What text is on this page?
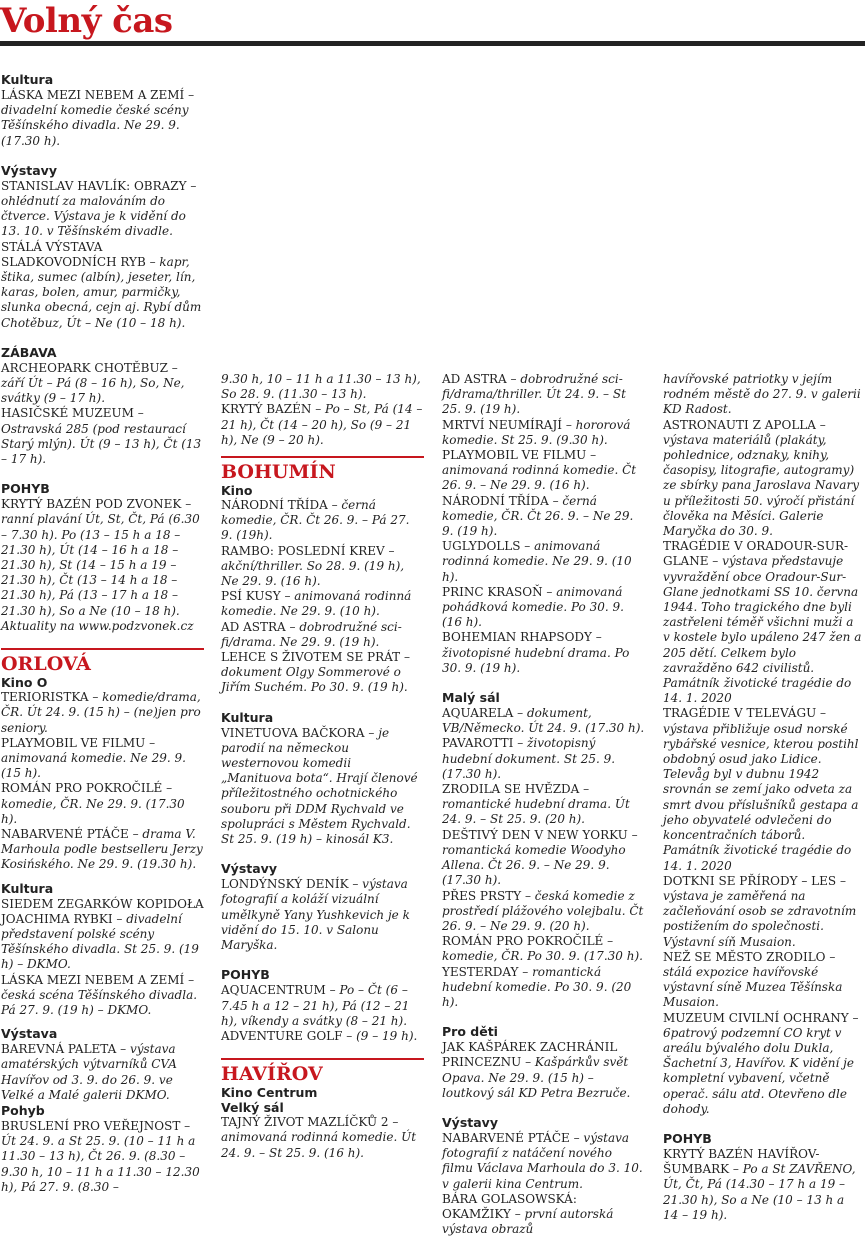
Volný čas

Kultura

LÁSKA MEZI NEBEM A ZEMÍ – divadelní komedie české scény Těšínského divadla. Ne 29. 9. (17.30 h).

Výstavy

STANISLAV HAVLÍK: OBRAZY – ohlédnutí za malováním do čtverce. Výstava je k vidění do 13. 10. v Těšínském divadle.

STÁLÁ VÝSTAVA SLADKOVODNÍCH RYB – kapr, štika, sumec (albín), jeseter, lín, karas, bolen, amur, parmičky, slunka obecná, cejn aj. Rybí dům Chotěbuz, Út – Ne (10 – 18 h).

ZÁBAVA

ARCHEOPARK CHOTĚBUZ – září Út – Pá (8 – 16 h), So, Ne, svátky (9 – 17 h).

HASIČSKÉ MUZEUM – Ostravská 285 (pod restaurací Starý mlýn). Út (9 – 13 h), Čt (13 – 17 h).

POHYB

KRYTÝ BAZÉN POD ZVONEK – ranní plavání Út, St, Čt, Pá (6.30 – 7.30 h). Po (13 – 15 h a 18 – 21.30 h), Út (14 – 16 h a 18 – 21.30 h), St (14 – 15 h a 19 – 21.30 h), Čt (13 – 14 h a 18 – 21.30 h), Pá (13 – 17 h a 18 – 21.30 h), So a Ne (10 – 18 h). Aktuality na www.podzvonek.cz

ORLOVÁ

Kino O

TERIORISTKA – komedie/drama, ČR. Út 24. 9. (15 h) – (ne)jen pro seniory.

PLAYMOBIL VE FILMU – animovaná komedie. Ne 29. 9. (15 h).

ROMÁN PRO POKROČILÉ – komedie, ČR. Ne 29. 9. (17.30 h).

NABARVENÉ PTÁČE – drama V. Marhoula podle bestselleru Jerzy Kosińského. Ne 29. 9. (19.30 h).

Kultura

SIEDEM ZEGARKÓW KOPIDOŁA JOACHIMA RYBKI – divadelní představení polské scény Těšínského divadla. St 25. 9. (19 h) – DKMO.

LÁSKA MEZI NEBEM A ZEMÍ – česká scéna Těšínského divadla. Pá 27. 9. (19 h) – DKMO.

Výstava

BAREVNÁ PALETA – výstava amatérských výtvarníků CVA Havířov od 3. 9. do 26. 9. ve Velké a Malé galerii DKMO.

Pohyb

BRUSLENÍ PRO VEŘEJNOST –Út 24. 9. a St 25. 9. (10 – 11 h a 11.30 – 13 h), Čt 26. 9. (8.30 – 9.30 h, 10 – 11 h a 11.30 – 12.30 h), Pá 27. 9. (8.30 –

9.30 h, 10 – 11 h a 11.30 – 13 h), So 28. 9. (11.30 – 13 h).

KRYTÝ BAZÉN – Po – St, Pá (14 – 21 h), Čt (14 – 20 h), So (9 – 21 h), Ne (9 – 20 h).

BOHUMÍN

Kino

NÁRODNÍ TŘÍDA – černá komedie, ČR. Čt 26. 9. – Pá 27. 9. (19h).

RAMBO: POSLEDNÍ KREV – akční/thriller. So 28. 9. (19 h), Ne 29. 9. (16 h).

PSÍ KUSY – animovaná rodinná komedie. Ne 29. 9. (10 h).

AD ASTRA – dobrodružné sci-fi/drama. Ne 29. 9. (19 h).

LEHCE S ŽIVOTEM SE PRÁT – dokument Olgy Sommerové o Jiřím Suchém. Po 30. 9. (19 h).

Kultura

VINETUOVA BAČKORA – je parodií na německou westernovou komedii „Manituova bota“. Hrají členové příležitostného ochotnického souboru při DDM Rychvald ve spolupráci s Městem Rychvald. St 25. 9. (19 h) – kinosál K3.

Výstavy

LONDÝNSKÝ DENÍK – výstava fotografií a koláží vizuální umělkyně Yany Yushkevich je k vidění do 15. 10. v Salonu Maryška.

POHYB

AQUACENTRUM – Po – Čt (6 – 7.45 h a 12 – 21 h), Pá (12 – 21 h), víkendy a svátky (8 – 21 h).

ADVENTURE GOLF – (9 – 19 h).

HAVÍŘOV

Kino Centrum

Velký sál

TAJNÝ ŽIVOT MAZLÍČKŮ 2 – animovaná rodinná komedie. Út 24. 9. – St 25. 9. (16 h).

AD ASTRA – dobrodružné sci-fi/drama/thriller. Út 24. 9. – St 25. 9. (19 h).

MRTVÍ NEUMÍRAJÍ – hororová komedie. St 25. 9. (9.30 h).

PLAYMOBIL VE FILMU – animovaná rodinná komedie. Čt 26. 9. – Ne 29. 9. (16 h).

NÁRODNÍ TŘÍDA – černá komedie, ČR. Čt 26. 9. – Ne 29. 9. (19 h).

UGLYDOLLS – animovaná rodinná komedie. Ne 29. 9. (10 h).

PRINC KRASOŇ – animovaná pohádková komedie. Po 30. 9. (16 h).

BOHEMIAN RHAPSODY – životopisné hudební drama. Po 30. 9. (19 h).

Malý sál

AQUARELA – dokument, VB/Německo. Út 24. 9. (17.30 h).

PAVAROTTI – životopisný hudební dokument. St 25. 9. (17.30 h).

ZRODILA SE HVĚZDA – romantické hudební drama. Út 24. 9. – St 25. 9. (20 h).

DEŠTIVÝ DEN V NEW YORKU – romantická komedie Woodyho Allena. Čt 26. 9. – Ne 29. 9. (17.30 h).

PŘES PRSTY – česká komedie z prostředí plážového volejbalu. Čt 26. 9. – Ne 29. 9. (20 h).

ROMÁN PRO POKROČILÉ – komedie, ČR. Po 30. 9. (17.30 h).

YESTERDAY – romantická hudební komedie. Po 30. 9. (20 h).

Pro děti

JAK KAŠPÁREK ZACHRÁNIL PRINCEZNU – Kašpárkův svět Opava. Ne 29. 9. (15 h) – loutkový sál KD Petra Bezruče.

Výstavy

NABARVENÉ PTÁČE – výstava fotografií z natáčení nového filmu Václava Marhoula do 3. 10. v galerii kina Centrum.

BÁRA GOLASOWSKÁ: OKAMŽIKY – první autorská výstava obrazů

havířovské patriotky v jejím rodném městě do 27. 9. v galerii KD Radost.

ASTRONAUTI Z APOLLA – výstava materiálů (plakáty, pohlednice, odznaky, knihy, časopisy, litografie, autogramy) ze sbírky pana Jaroslava Navary u příležitosti 50. výročí přistání člověka na Měsíci. Galerie Maryčka do 30. 9.

TRAGÉDIE V ORADOUR-SUR-GLANE – výstava představuje vyvraždění obce Oradour-Sur-Glane jednotkami SS 10. června 1944. Toho tragického dne byli zastřeleni téměř všichni muži a v kostele bylo upáleno 247 žen a 205 dětí. Celkem bylo zavražděno 642 civilistů. Památník životické tragédie do 14. 1. 2020

TRAGÉDIE V TELEVÁGU – výstava přibližuje osud norské rybářské vesnice, kterou postihl obdobný osud jako Lidice. Televåg byl v dubnu 1942 srovnán se zemí jako odveta za smrt dvou příslušníků gestapa a jeho obyvatelé odvlečeni do koncentračních táborů. Památník životické tragédie do 14. 1. 2020

DOTKNI SE PŘÍRODY – LES – výstava je zaměřená na začleňování osob se zdravotním postižením do společnosti. Výstavní síň Musaion.

NEŽ SE MĚSTO ZRODILO – stálá expozice havířovské výstavní síně Muzea Těšínska Musaion.

MUZEUM CIVILNÍ OCHRANY – 6patrový podzemní CO kryt v areálu bývalého dolu Dukla, Šachetní 3, Havířov. K vidění je kompletní vybavení, včetně operač. sálu atd. Otevřeno dle dohody.

POHYB

KRYTÝ BAZÉN HAVÍŘOV-ŠUMBARK – Po a St ZAVŘENO, Út, Čt, Pá (14.30 – 17 h a 19 – 21.30 h), So a Ne (10 – 13 h a 14 – 19 h).
